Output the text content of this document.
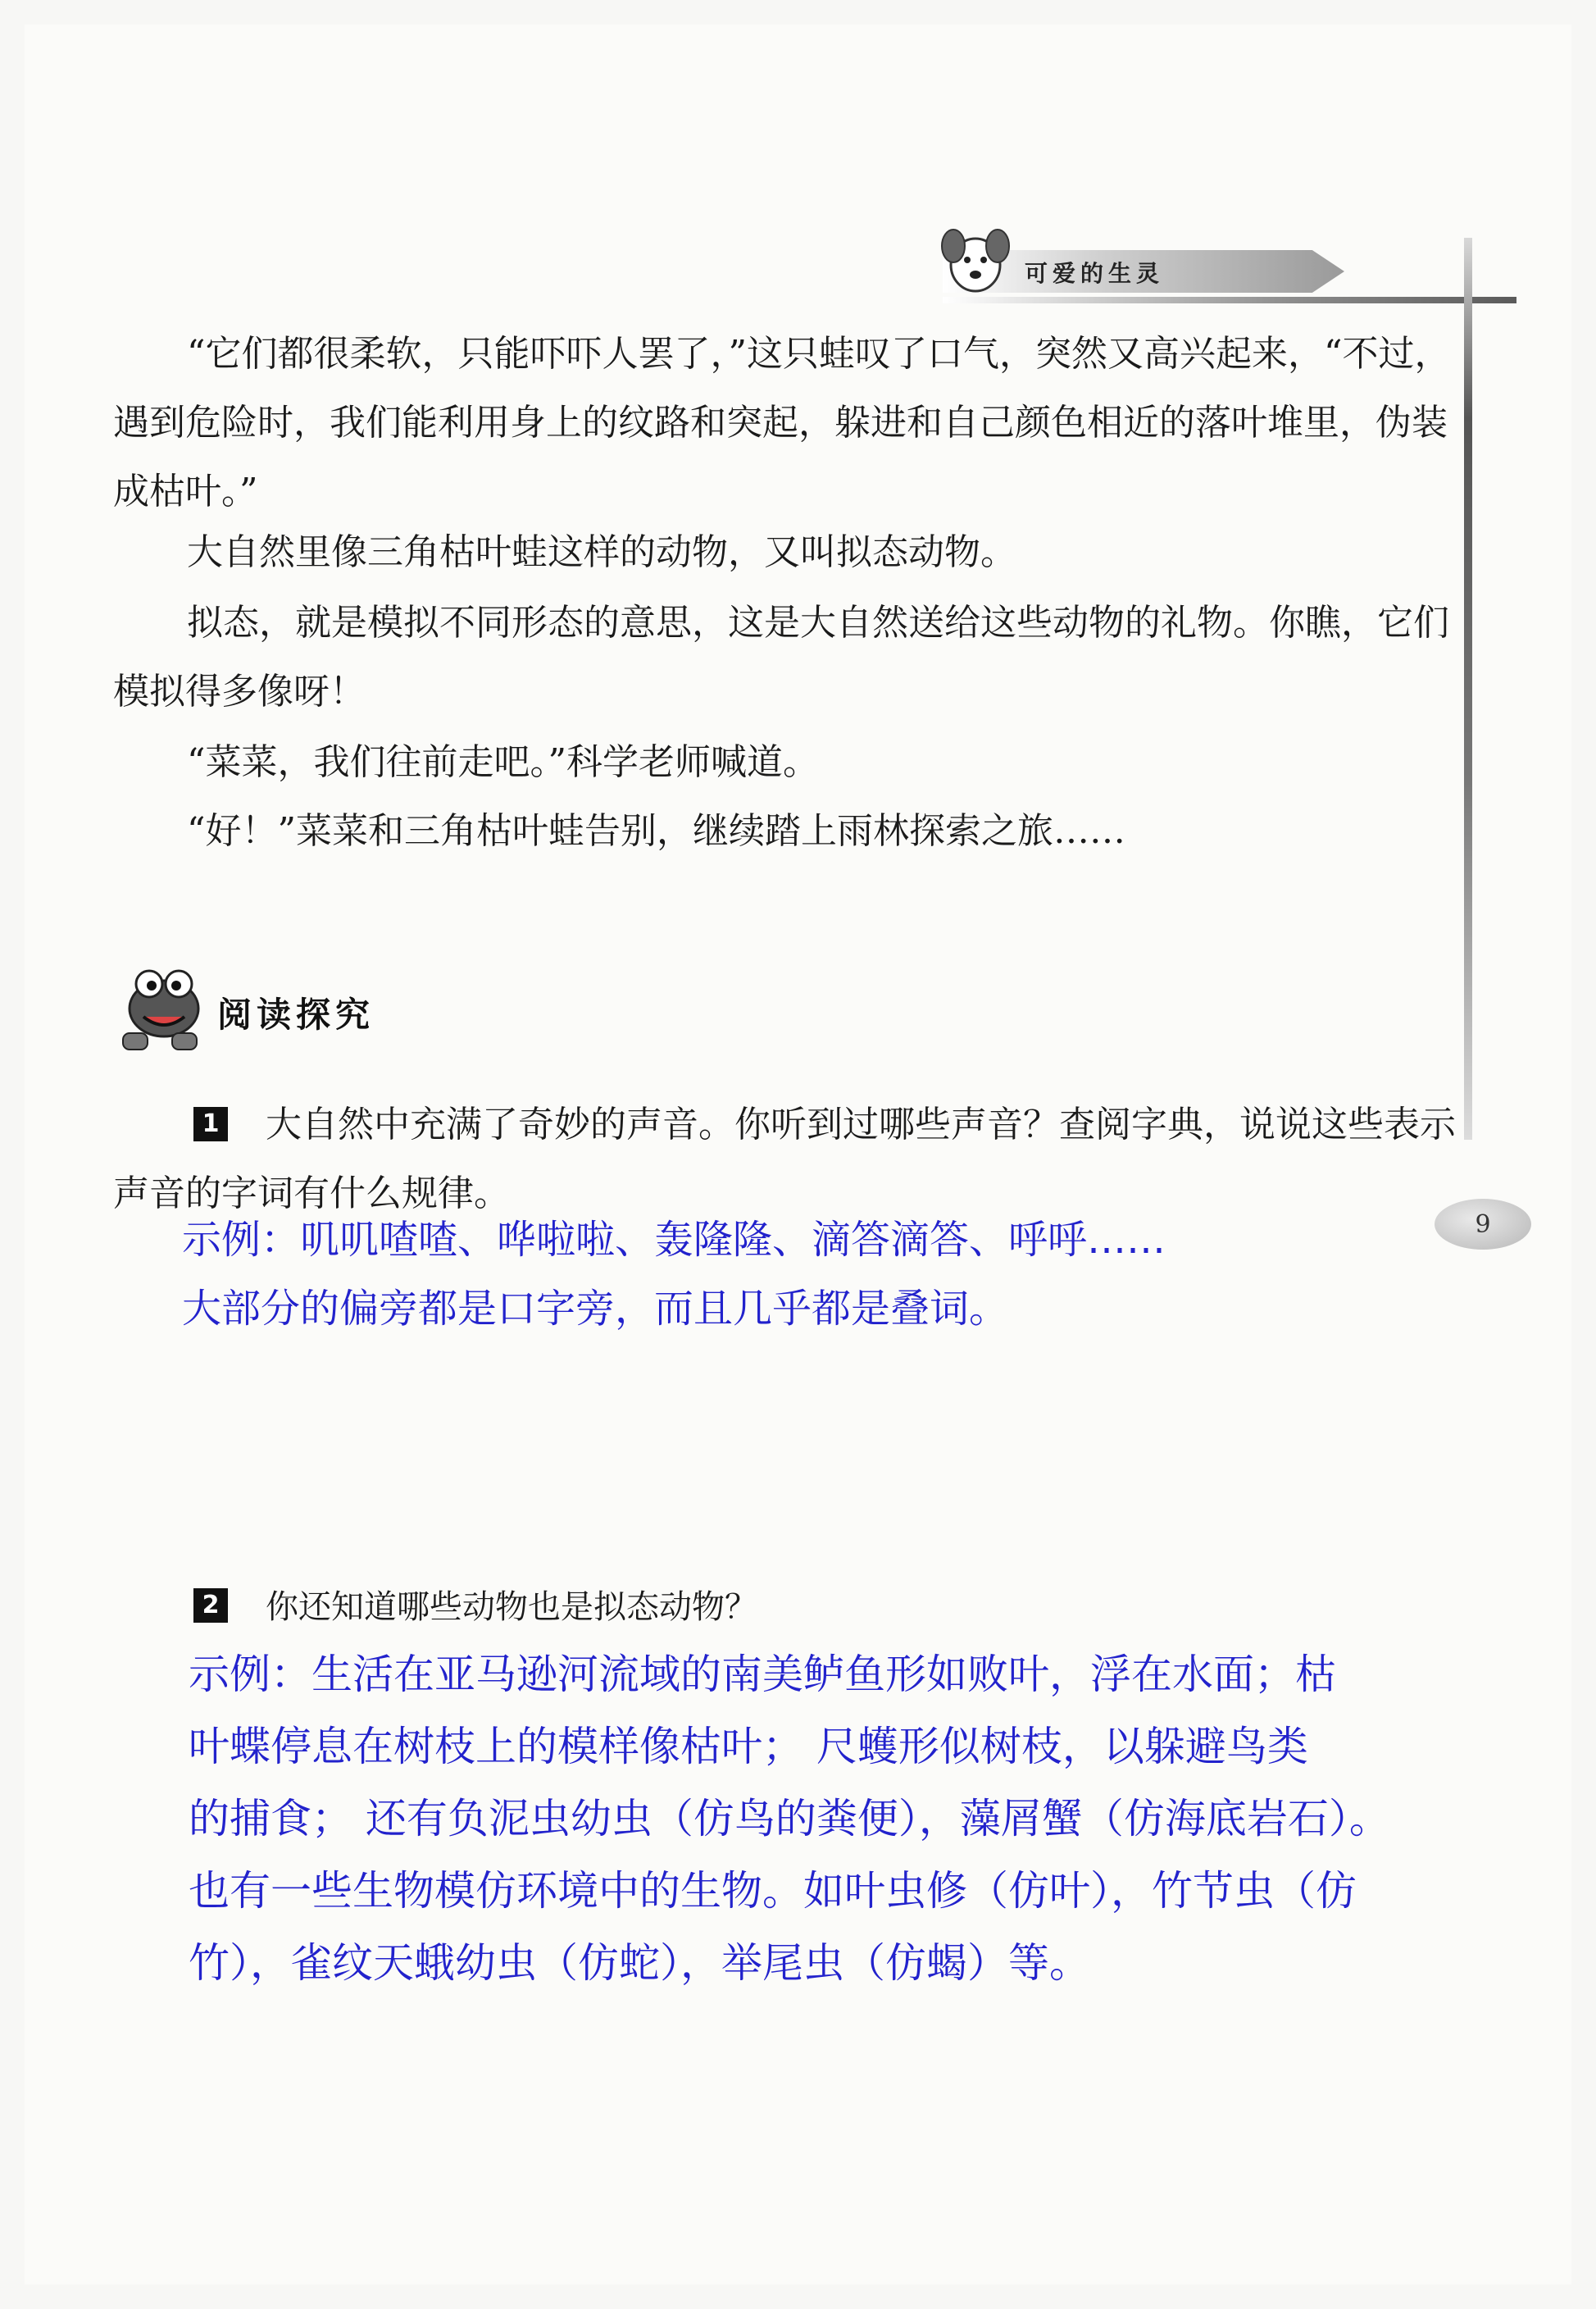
可爱的生灵
“它们都很柔软，只能吓吓人罢了，”这只蛙叹了口气，突然又高兴起来，“不过，遇到危险时，我们能利用身上的纹路和突起，躲进和自己颜色相近的落叶堆里，伪装成枯叶。”
大自然里像三角枯叶蛙这样的动物，又叫拟态动物。
拟态，就是模拟不同形态的意思，这是大自然送给这些动物的礼物。你瞧，它们模拟得多像呀！
“菜菜，我们往前走吧。”科学老师喊道。
“好！”菜菜和三角枯叶蛙告别，继续踏上雨林探索之旅……
阅读探究
1 大自然中充满了奇妙的声音。你听到过哪些声音？查阅字典，说说这些表示声音的字词有什么规律。
示例：叽叽喳喳、哗啦啦、轰隆隆、滴答滴答、呼呼……
大部分的偏旁都是口字旁，而且几乎都是叠词。
9
2 你还知道哪些动物也是拟态动物？
示例：生活在亚马逊河流域的南美鲈鱼形如败叶，浮在水面；枯
叶蝶停息在树枝上的模样像枯叶； 尺蠖形似树枝，以躲避鸟类
的捕食； 还有负泥虫幼虫（仿鸟的粪便），藻屑蟹（仿海底岩石）。
也有一些生物模仿环境中的生物。如叶虫修（仿叶），竹节虫（仿
竹），雀纹天蛾幼虫（仿蛇），举尾虫（仿蝎）等。
